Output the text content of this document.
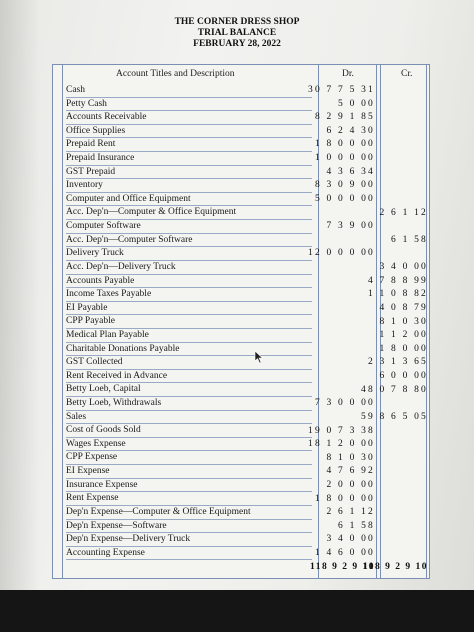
THE CORNER DRESS SHOP
TRIAL BALANCE
FEBRUARY 28, 2022
Account Titles and Description	Dr.	Cr.
Cash
Petty Cash
Accounts Receivable
Office Supplies
Prepaid Rent
Prepaid Insurance
GST Prepaid
Inventory
Computer and Office Equipment
Acc. Dep'n—Computer & Office Equipment
Computer Software
Acc. Dep'n—Computer Software
Delivery Truck
Acc. Dep'n—Delivery Truck
Accounts Payable
Income Taxes Payable
EI Payable
CPP Payable
Medical Plan Payable
Charitable Donations Payable
GST Collected
Rent Received in Advance
Betty Loeb, Capital
Betty Loeb, Withdrawals
Sales
Cost of Goods Sold
Wages Expense
CPP Expense
EI Expense
Insurance Expense
Rent Expense
Dep'n Expense—Computer & Office Equipment
Dep'n Expense—Software
Dep'n Expense—Delivery Truck
Accounting Expense
30 7 7 5 31
5 0 00
8 2 9 1 85
6 2 4 30
1 8 0 0 00
1 0 0 0 00
4 3 6 34
8 3 0 9 00
5 0 0 0 00
2 6 1 12
7 3 9 00
6 1 58
12 0 0 0 00
3 4 0 00
4 7 8 8 99
1 1 0 8 82
4 0 8 79
8 1 0 30
1 1 2 00
1 8 0 00
2 3 1 3 65
6 0 0 00
48 0 7 8 80
7 3 0 0 00
59 8 6 5 05
19 0 7 3 38
18 1 2 0 00
8 1 0 30
4 7 6 92
2 0 0 00
1 8 0 0 00
2 6 1 12
6 1 58
3 4 0 00
1 4 6 0 00
118 9 2 9 10
118 9 2 9 10
